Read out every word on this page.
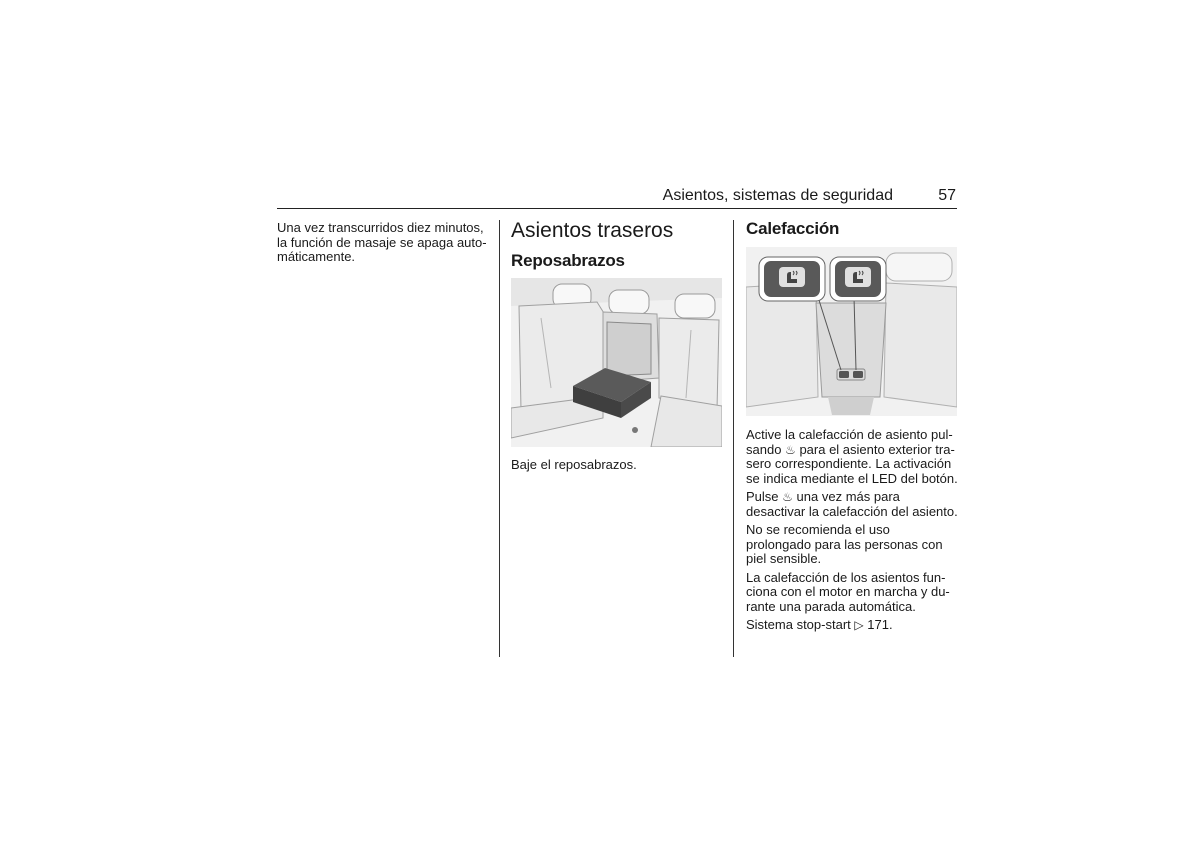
Asientos, sistemas de seguridad	57

Una vez transcurridos diez minutos, la función de masaje se apaga auto-máticamente.

Asientos traseros
Reposabrazos

Baje el reposabrazos.

Calefacción

Active la calefacción de asiento pul-sando ♨ para el asiento exterior tra-sero correspondiente. La activación se indica mediante el LED del botón.

Pulse ♨ una vez más para desactivar la calefacción del asiento.

No se recomienda el uso prolongado para las personas con piel sensible.

La calefacción de los asientos fun-ciona con el motor en marcha y du-rante una parada automática.

Sistema stop-start ▷ 171.
